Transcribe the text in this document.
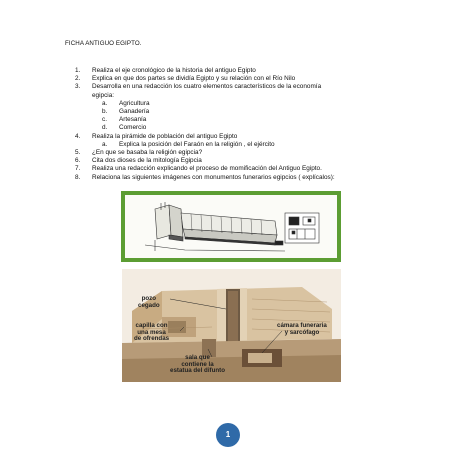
FICHA ANTIGUO EGIPTO.
1. Realiza el eje cronológico de la historia del antiguo Egipto
2. Explica en que dos partes se dividía Egipto y su relación con el Río Nilo
3. Desarrolla en una redacción los cuatro elementos característicos de la economía
egipcia:
a. Agricultura
b. Ganadería
c. Artesanía
d. Comercio
4. Realiza la pirámide de población del antiguo Egipto
a. Explica la posición del Faraón en la religión , el ejército
5. ¿En que se basaba la religión egipcia?
6. Cita dos dioses de la mitología Egipcia
7. Realiza una redacción explicando el proceso de momificación del Antiguo Egipto.
8. Relaciona las siguientes imágenes con monumentos funerarios egipcios ( explícalos):
pozo
cegado
capilla con
una mesa
de ofrendas
cámara funeraria
y sarcófago
sala que
contiene la
estatua del difunto
1
